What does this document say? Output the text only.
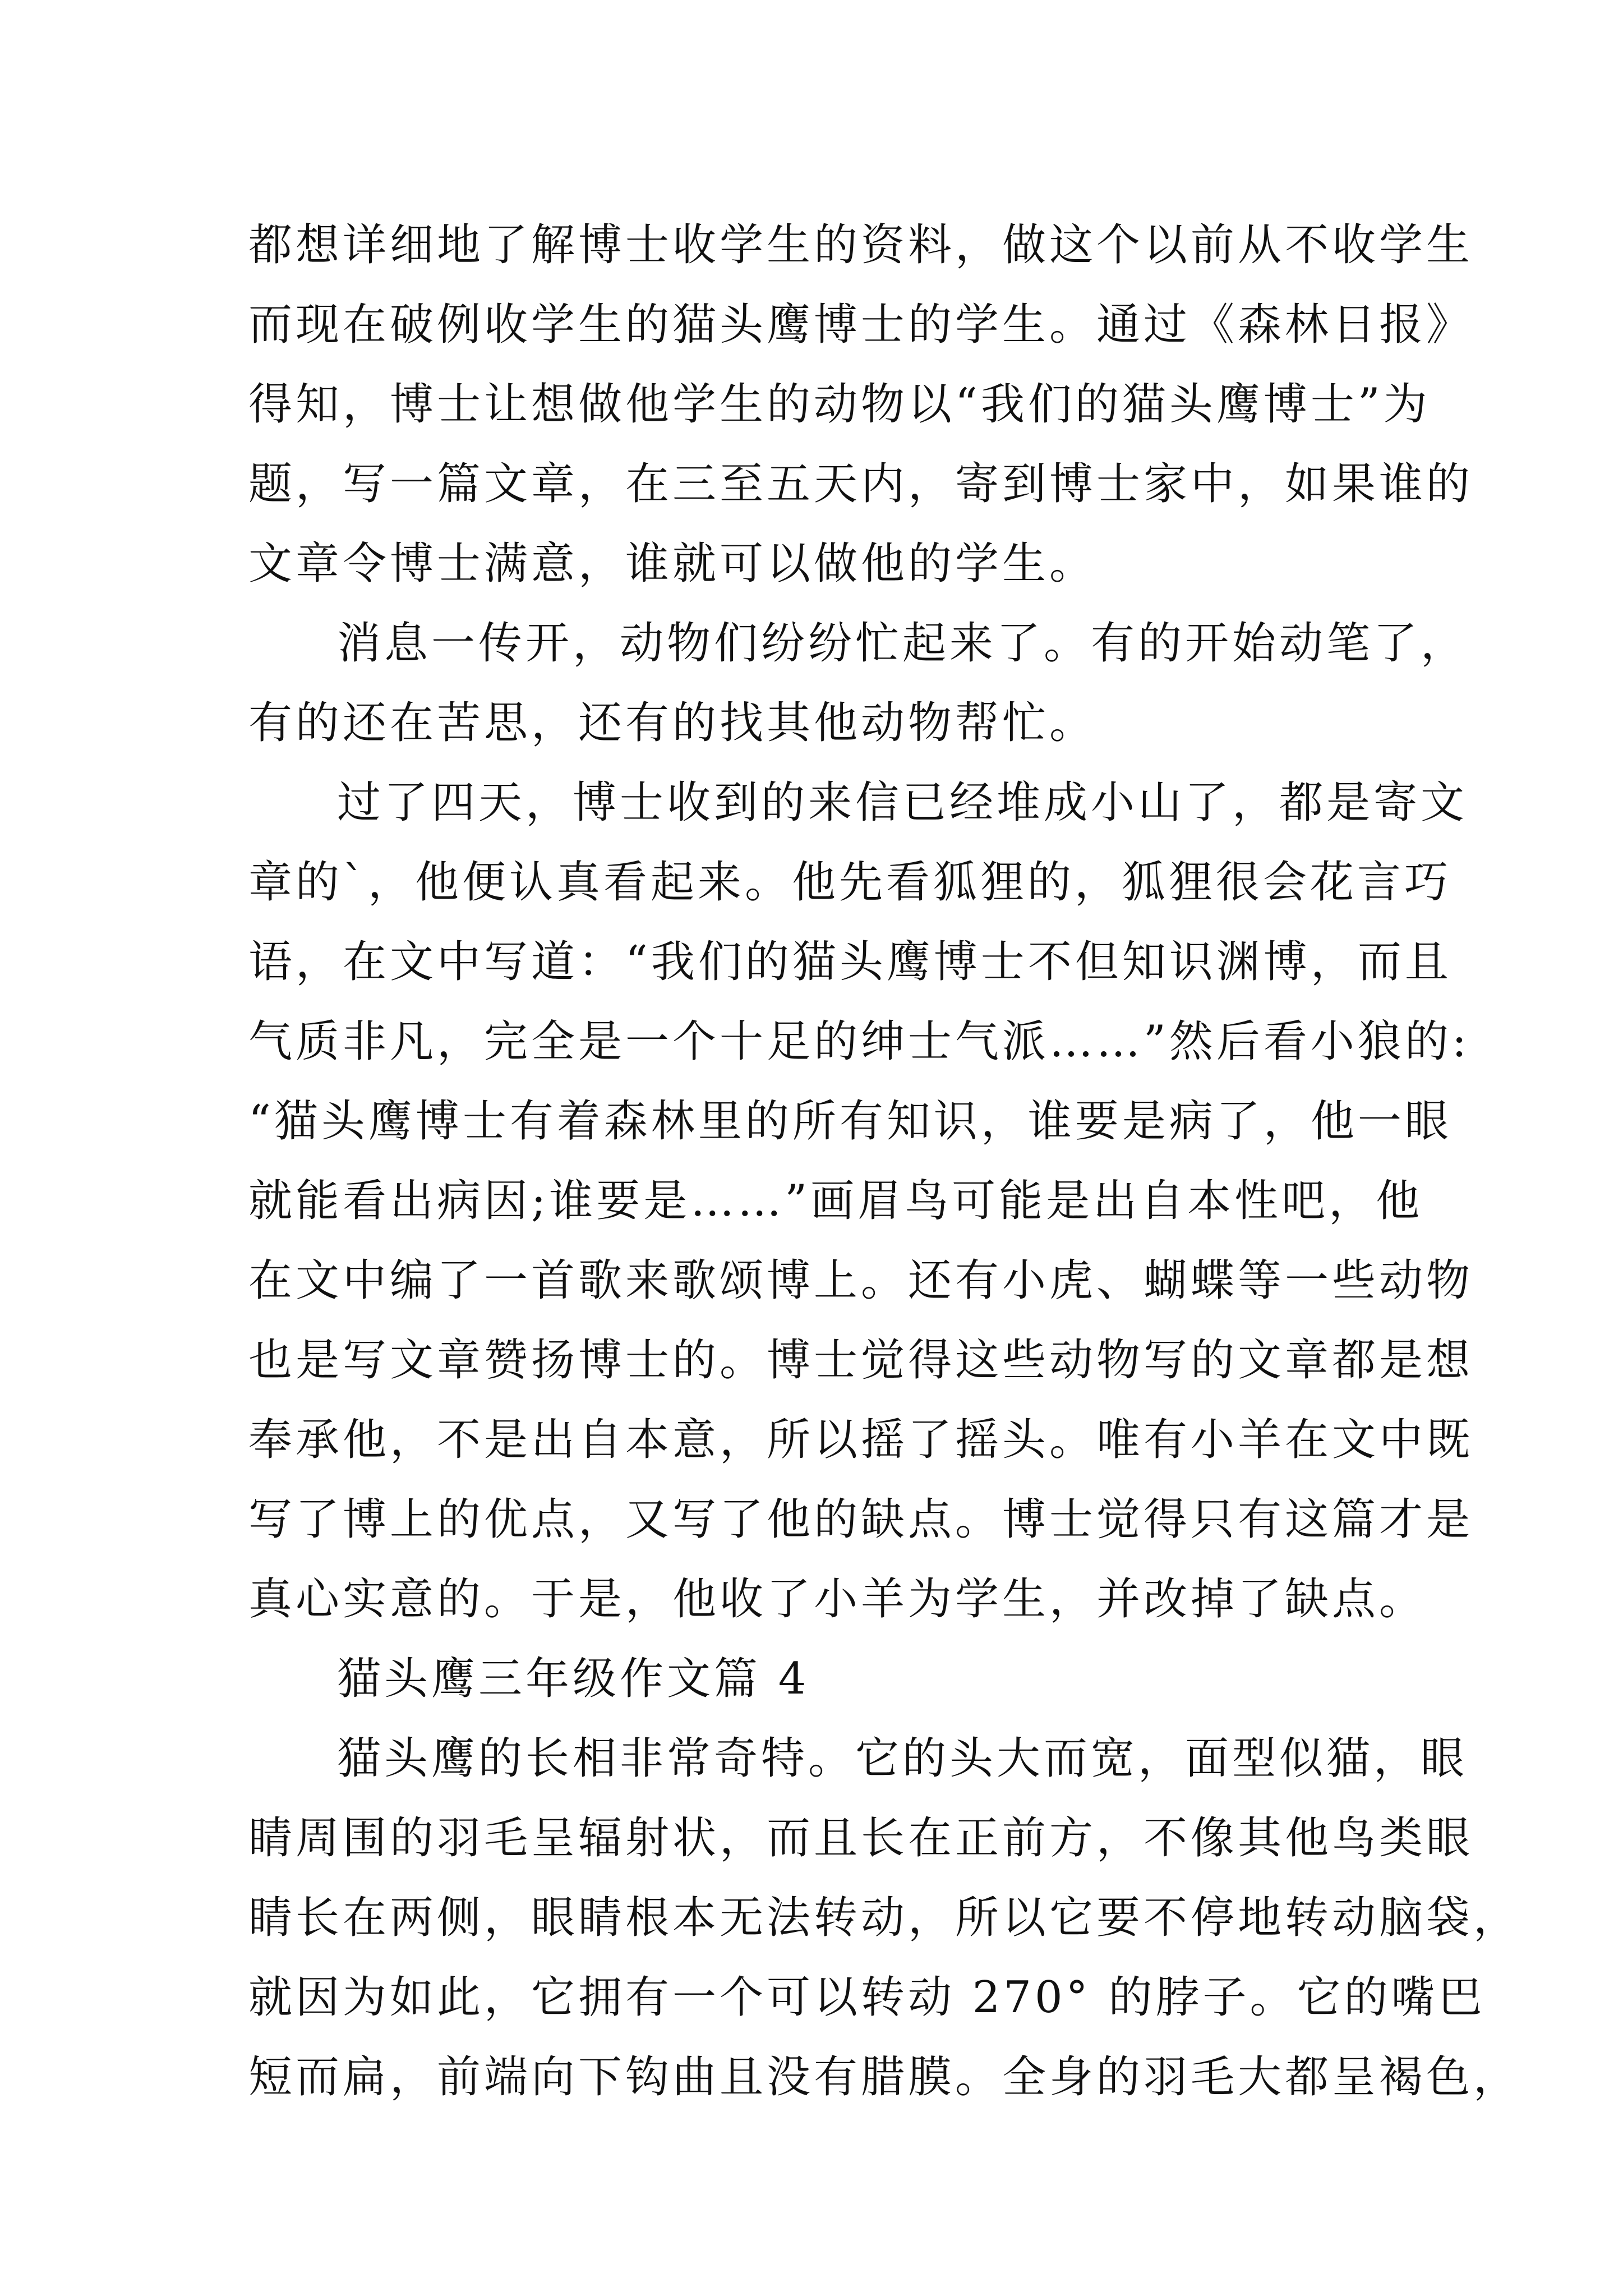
都想详细地了解博士收学生的资料，做这个以前从不收学生
而现在破例收学生的猫头鹰博士的学生。通过《森林日报》
得知，博士让想做他学生的动物以“我们的猫头鹰博士”为
题，写一篇文章，在三至五天内，寄到博士家中，如果谁的
文章令博士满意，谁就可以做他的学生。
消息一传开，动物们纷纷忙起来了。有的开始动笔了，
有的还在苦思，还有的找其他动物帮忙。
过了四天，博士收到的来信已经堆成小山了，都是寄文
章的`，他便认真看起来。他先看狐狸的，狐狸很会花言巧
语，在文中写道：“我们的猫头鹰博士不但知识渊博，而且
气质非凡，完全是一个十足的绅士气派……”然后看小狼的:
“猫头鹰博士有着森林里的所有知识，谁要是病了，他一眼
就能看出病因;谁要是……”画眉鸟可能是出自本性吧，他
在文中编了一首歌来歌颂博上。还有小虎、蝴蝶等一些动物
也是写文章赞扬博士的。博士觉得这些动物写的文章都是想
奉承他，不是出自本意，所以摇了摇头。唯有小羊在文中既
写了博上的优点，又写了他的缺点。博士觉得只有这篇才是
真心实意的。于是，他收了小羊为学生，并改掉了缺点。
猫头鹰三年级作文篇 4
猫头鹰的长相非常奇特。它的头大而宽，面型似猫，眼
睛周围的羽毛呈辐射状，而且长在正前方，不像其他鸟类眼
睛长在两侧，眼睛根本无法转动，所以它要不停地转动脑袋，
就因为如此，它拥有一个可以转动 270° 的脖子。它的嘴巴
短而扁，前端向下钩曲且没有腊膜。全身的羽毛大都呈褐色，
